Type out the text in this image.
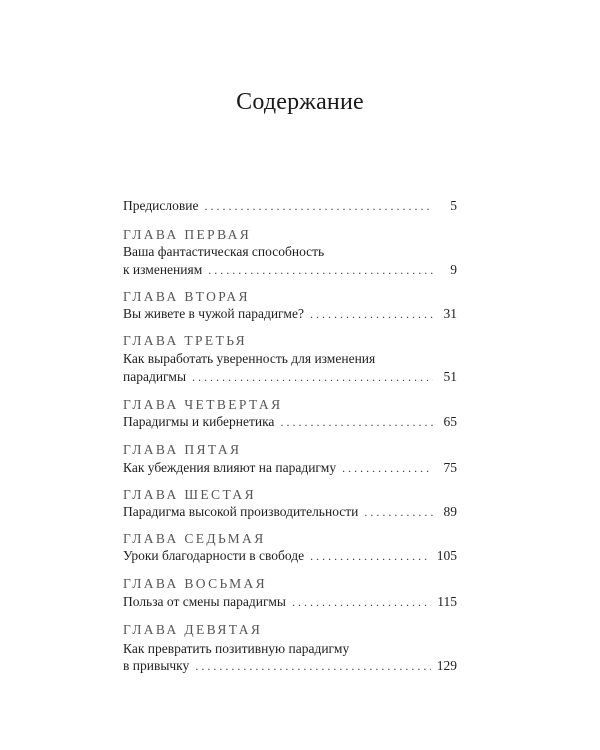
Содержание
Предисловие . . .	5
ГЛАВА ПЕРВАЯ
Ваша фантастическая способность
к изменениям . . .	9
ГЛАВА ВТОРАЯ
Вы живете в чужой парадигме? . . .	31
ГЛАВА ТРЕТЬЯ
Как выработать уверенность для изменения
парадигмы . . .	51
ГЛАВА ЧЕТВЕРТАЯ
Парадигмы и кибернетика . . .	65
ГЛАВА ПЯТАЯ
Как убеждения влияют на парадигму . . .	75
ГЛАВА ШЕСТАЯ
Парадигма высокой производительности . . .	89
ГЛАВА СЕДЬМАЯ
Уроки благодарности в свободе . . .	105
ГЛАВА ВОСЬМАЯ
Польза от смены парадигмы . . .	115
ГЛАВА ДЕВЯТАЯ
Как превратить позитивную парадигму
в привычку . . .	129
